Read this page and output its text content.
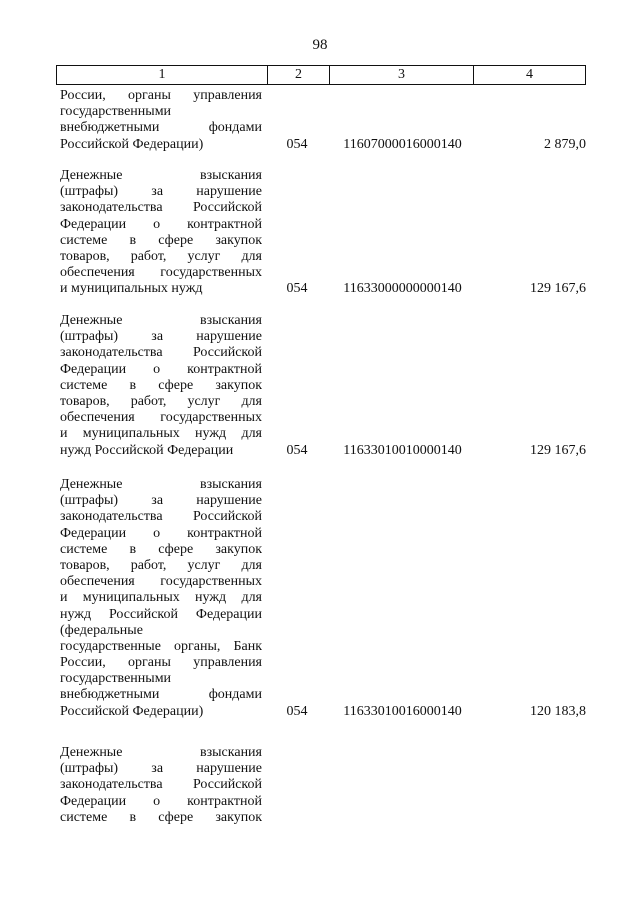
98
1	2	3	4
России, органы управления
государственными
внебюджетными фондами
Российской Федерации)	054	11607000016000140	2 879,0
Денежные взыскания
(штрафы) за нарушение
законодательства Российской
Федерации о контрактной
системе в сфере закупок
товаров, работ, услуг для
обеспечения государственных
и муниципальных нужд	054	11633000000000140	129 167,6
Денежные взыскания
(штрафы) за нарушение
законодательства Российской
Федерации о контрактной
системе в сфере закупок
товаров, работ, услуг для
обеспечения государственных
и муниципальных нужд для
нужд Российской Федерации	054	11633010010000140	129 167,6
Денежные взыскания
(штрафы) за нарушение
законодательства Российской
Федерации о контрактной
системе в сфере закупок
товаров, работ, услуг для
обеспечения государственных
и муниципальных нужд для
нужд Российской Федерации
(федеральные
государственные органы, Банк
России, органы управления
государственными
внебюджетными фондами
Российской Федерации)	054	11633010016000140	120 183,8
Денежные взыскания
(штрафы) за нарушение
законодательства Российской
Федерации о контрактной
системе в сфере закупок
